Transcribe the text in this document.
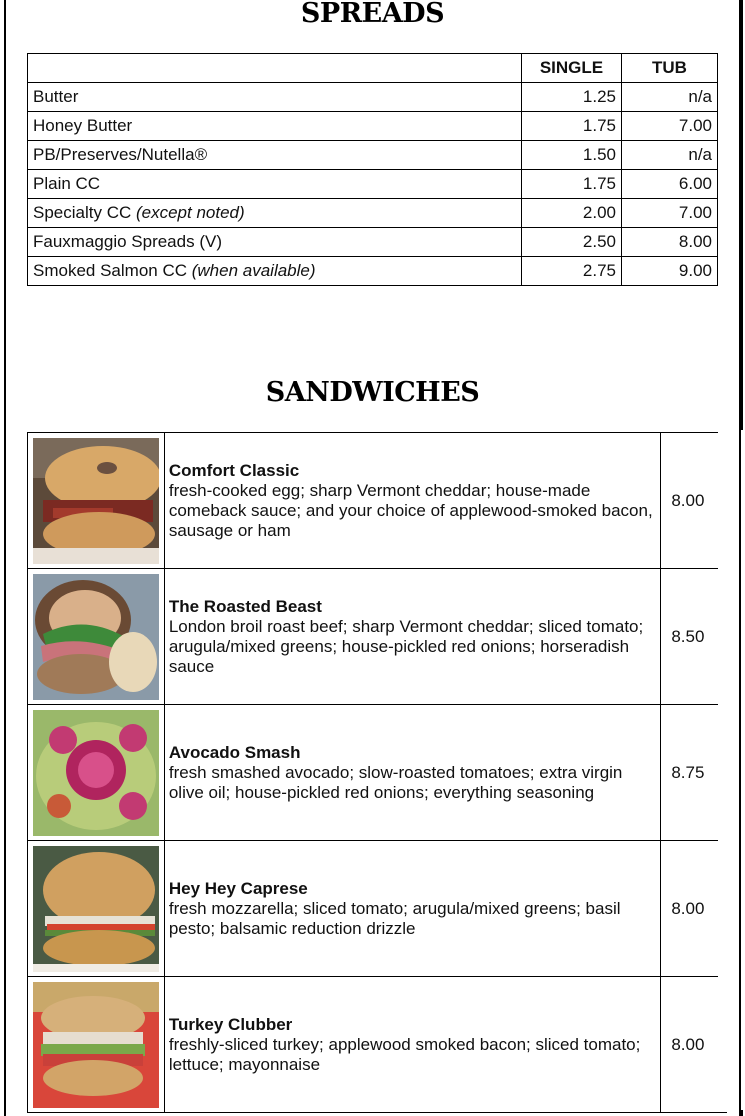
SPREADS
	SINGLE	TUB
Butter	1.25	n/a
Honey Butter	1.75	7.00
PB/Preserves/Nutella®	1.50	n/a
Plain CC	1.75	6.00
Specialty CC (except noted)	2.00	7.00
Fauxmaggio Spreads (V)	2.50	8.00
Smoked Salmon CC (when available)	2.75	9.00
SANDWICHES

Comfort Classic
fresh-cooked egg; sharp Vermont cheddar; house-made comeback sauce; and your choice of applewood-smoked bacon, sausage or ham	8.00

The Roasted Beast
London broil roast beef; sharp Vermont cheddar; sliced tomato; arugula/mixed greens; house-pickled red onions; horseradish sauce	8.50

Avocado Smash
fresh smashed avocado; slow-roasted tomatoes; extra virgin olive oil; house-pickled red onions; everything seasoning	8.75

Hey Hey Caprese
fresh mozzarella; sliced tomato; arugula/mixed greens; basil pesto; balsamic reduction drizzle	8.00

Turkey Clubber
freshly-sliced turkey; applewood smoked bacon; sliced tomato; lettuce; mayonnaise	8.00
